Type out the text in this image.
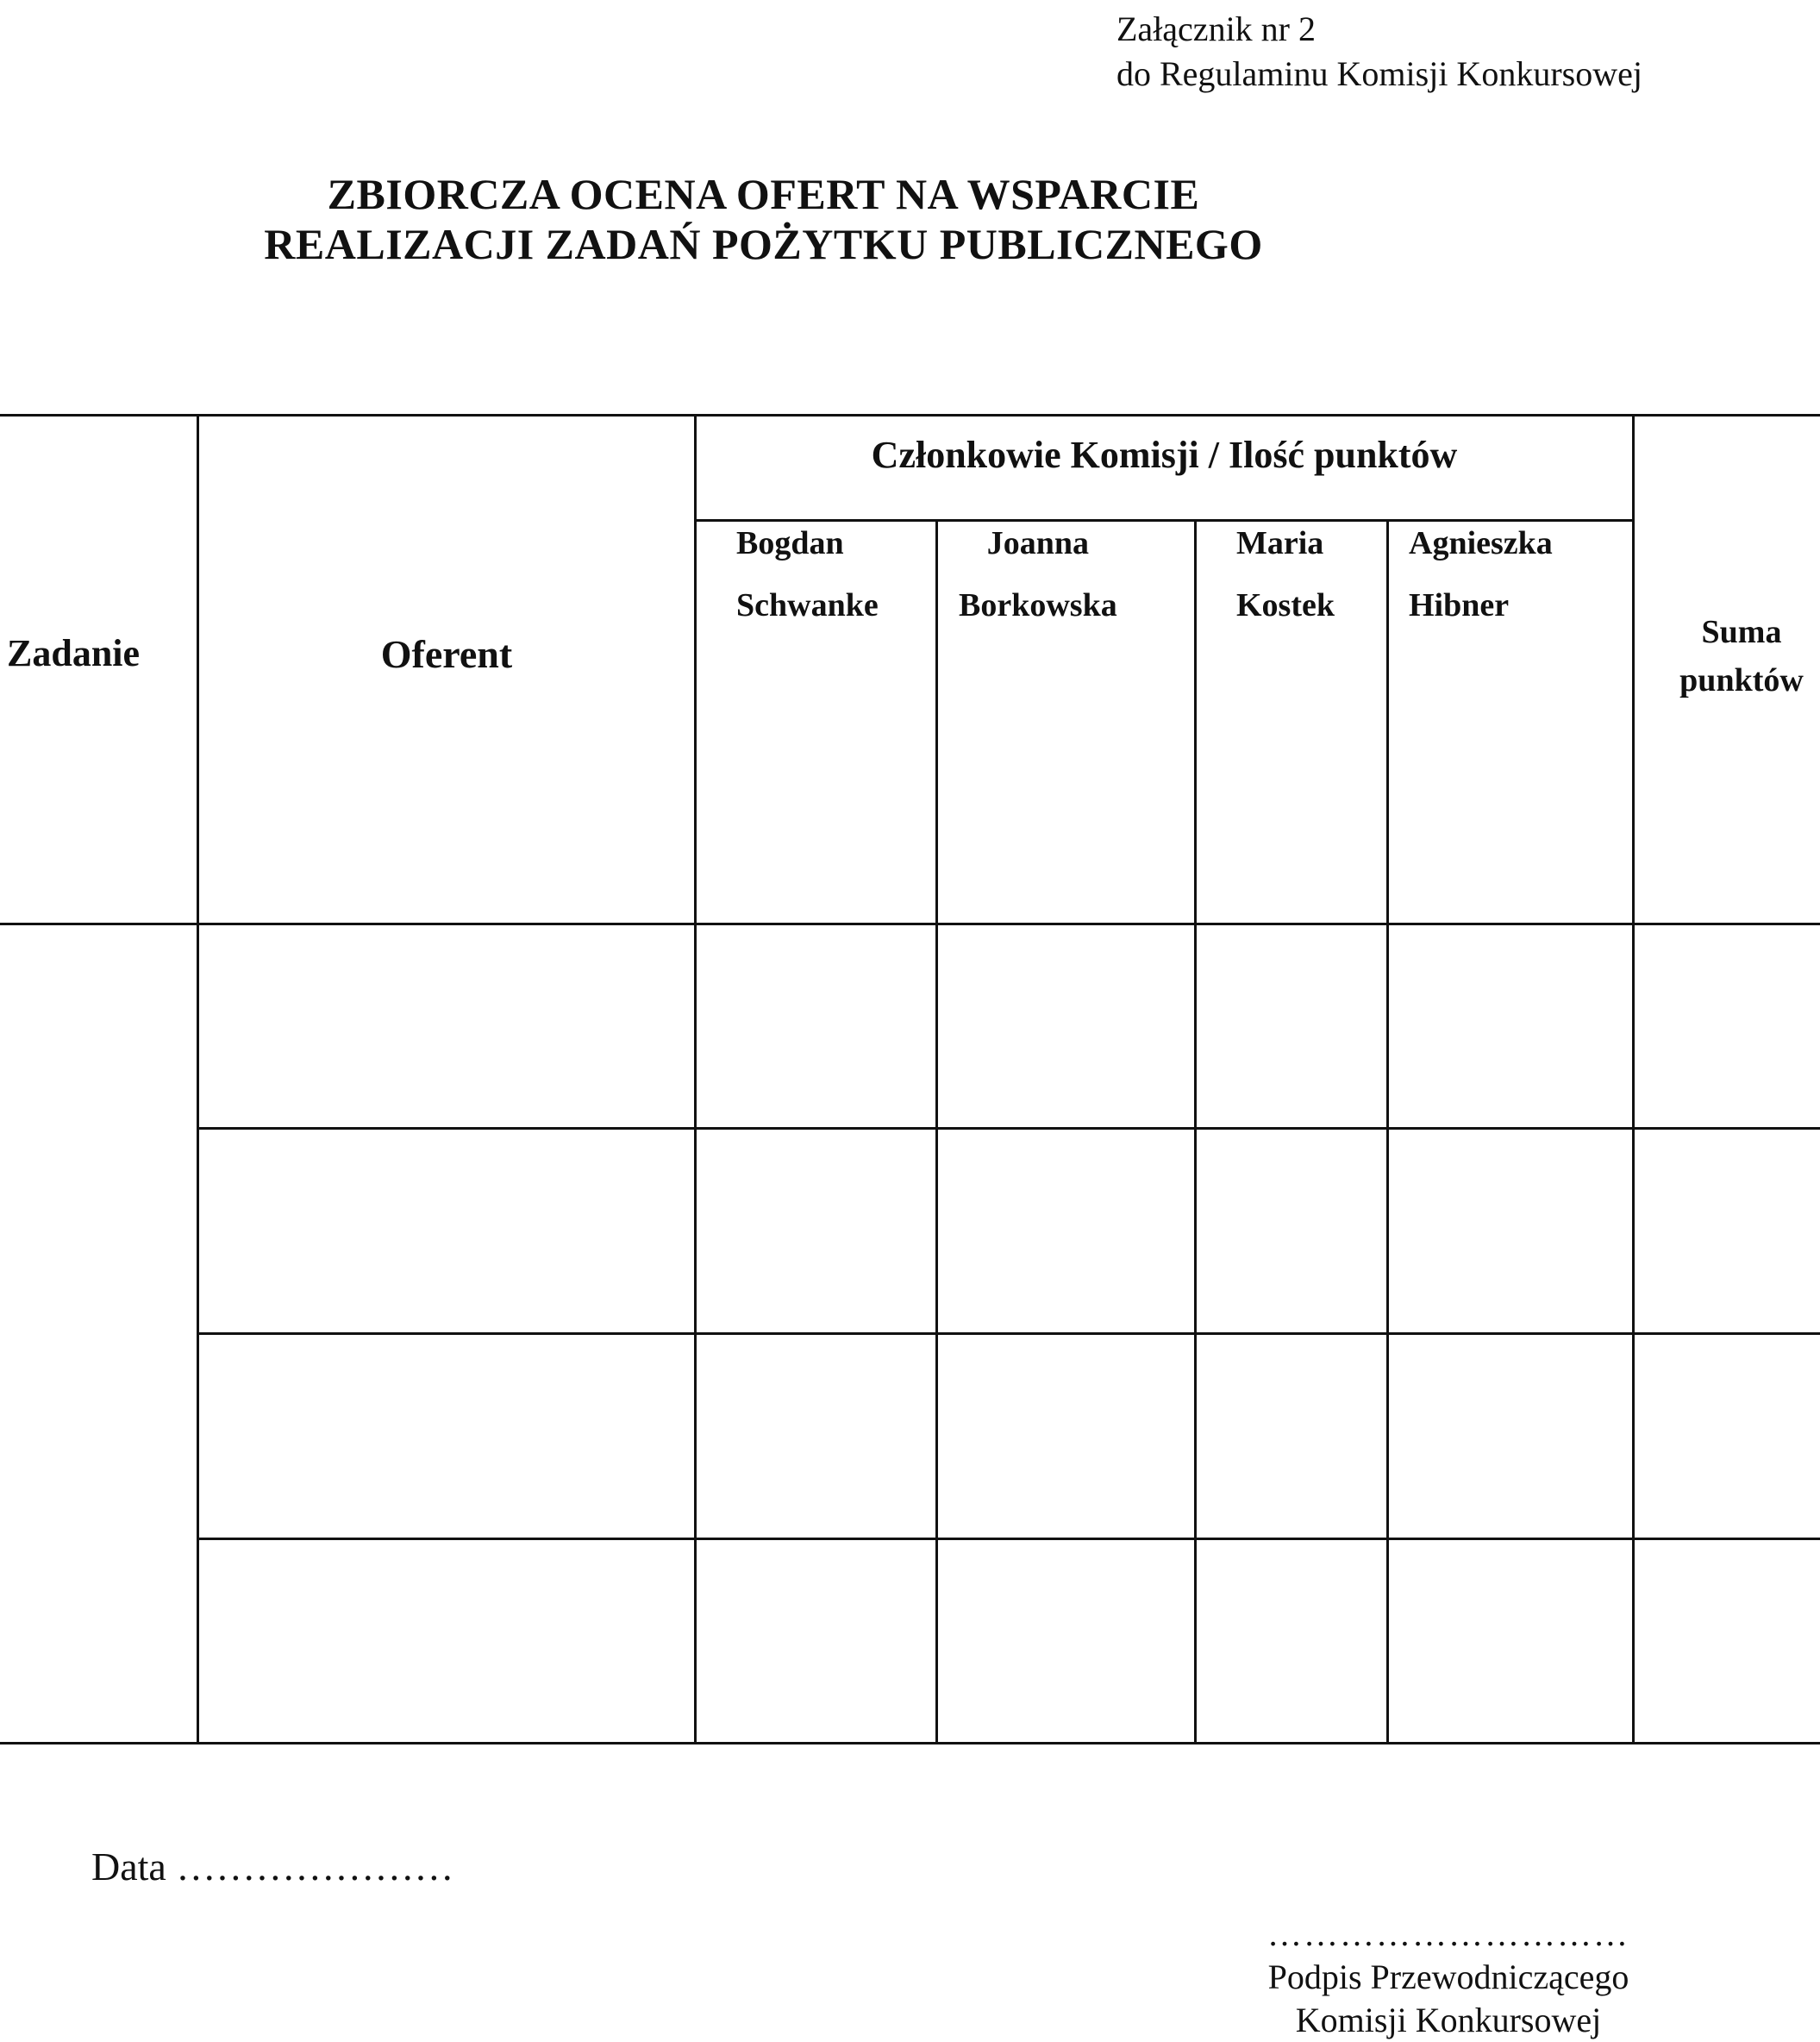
Załącznik nr 2
do Regulaminu Komisji Konkursowej
ZBIORCZA OCENA OFERT NA WSPARCIE
REALIZACJI ZADAŃ POŻYTKU PUBLICZNEGO
Zadanie	Oferent
Członkowie Komisji / Ilość punktów
Bogdan
Schwanke
Joanna
Borkowska
Maria
Kostek
Agnieszka
Hibner
Suma
punktów
Data …………………
…………………………
Podpis Przewodniczącego
Komisji Konkursowej
